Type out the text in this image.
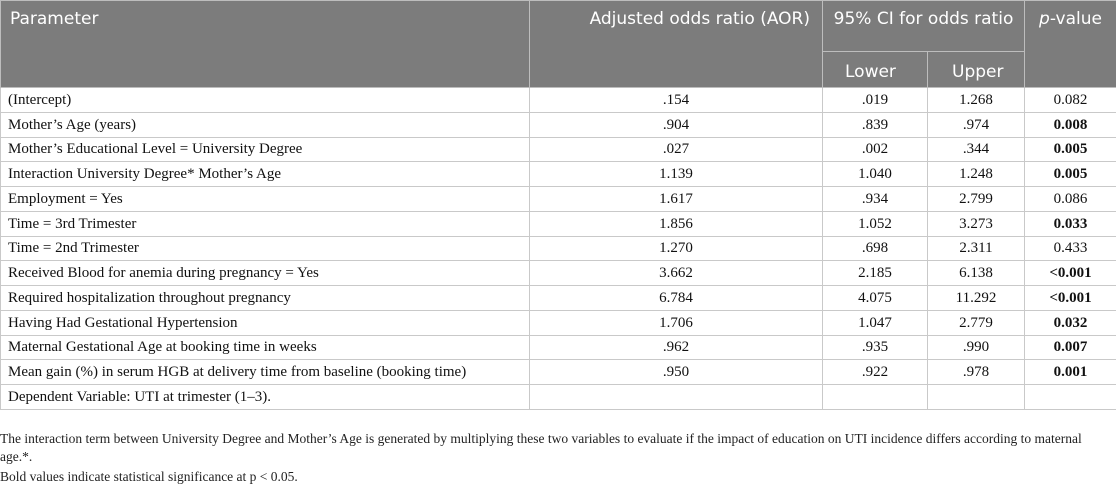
Parameter	Adjusted odds ratio (AOR)	95% CI for odds ratio		p-value
		Lower	Upper	
(Intercept)	.154	.019	1.268	0.082
Mother’s Age (years)	.904	.839	.974	0.008
Mother’s Educational Level = University Degree	.027	.002	.344	0.005
Interaction University Degree* Mother’s Age	1.139	1.040	1.248	0.005
Employment = Yes	1.617	.934	2.799	0.086
Time = 3rd Trimester	1.856	1.052	3.273	0.033
Time = 2nd Trimester	1.270	.698	2.311	0.433
Received Blood for anemia during pregnancy = Yes	3.662	2.185	6.138	<0.001
Required hospitalization throughout pregnancy	6.784	4.075	11.292	<0.001
Having Had Gestational Hypertension	1.706	1.047	2.779	0.032
Maternal Gestational Age at booking time in weeks	.962	.935	.990	0.007
Mean gain (%) in serum HGB at delivery time from baseline (booking time)	.950	.922	.978	0.001
Dependent Variable: UTI at trimester (1–3).				

The interaction term between University Degree and Mother’s Age is generated by multiplying these two variables to evaluate if the impact of education on UTI incidence differs according to maternal age.*.

Bold values indicate statistical significance at p < 0.05.
